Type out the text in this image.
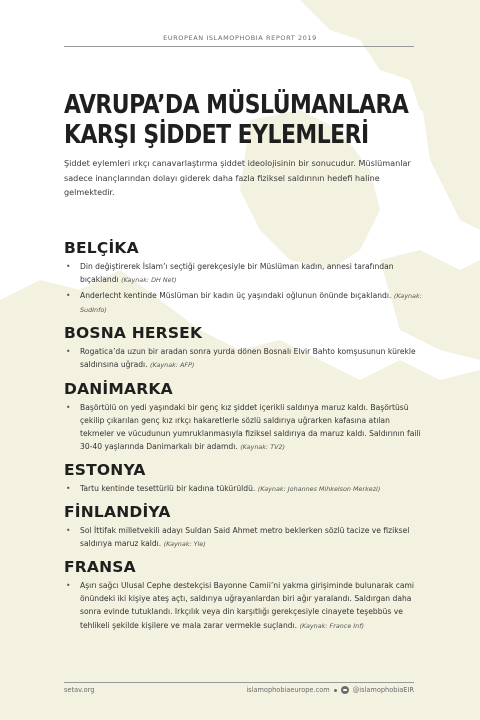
EUROPEAN ISLAMOPHOBIA REPORT 2019
AVRUPA’DA MÜSLÜMANLARA
KARŞI ŞİDDET EYLEMLERİ

Şiddet eylemleri ırkçı canavarlaştırma şiddet ideolojisinin bir sonucudur. Müslümanlar sadece inançlarından dolayı giderek daha fazla fiziksel saldırının hedefi haline gelmektedir.

BELÇİKA
• Din değiştirerek İslam’ı seçtiği gerekçesiyle bir Müslüman kadın, annesi tarafından bıçaklandı (Kaynak: DH Net)
• Anderlecht kentinde Müslüman bir kadın üç yaşındaki oğlunun önünde bıçaklandı. (Kaynak: SudInfo)
BOSNA HERSEK
• Rogatica’da uzun bir aradan sonra yurda dönen Bosnalı Elvir Bahto komşusunun kürekle saldırısına uğradı. (Kaynak: AFP)
DANİMARKA
• Başörtülü on yedi yaşındaki bir genç kız şiddet içerikli saldırıya maruz kaldı. Başörtüsü çekilip çıkarılan genç kız ırkçı hakaretlerle sözlü saldırıya uğrarken kafasına atılan tekmeler ve vücudunun yumruklanmasıyla fiziksel saldırıya da maruz kaldı. Saldırının faili 30-40 yaşlarında Danimarkalı bir adamdı. (Kaynak: TV2)
ESTONYA
• Tartu kentinde tesettürlü bir kadına tükürüldü. (Kaynak: Johannes Mihkelson Merkezi)
FİNLANDİYA
• Sol İttifak milletvekili adayı Suldan Said Ahmet metro beklerken sözlü tacize ve fiziksel saldırıya maruz kaldı. (Kaynak: Yle)
FRANSA
• Aşırı sağcı Ulusal Cephe destekçisi Bayonne Camii’ni yakma girişiminde bulunarak cami önündeki iki kişiye ateş açtı, saldırıya uğrayanlardan biri ağır yaralandı. Saldırgan daha sonra evinde tutuklandı. Irkçılık veya din karşıtlığı gerekçesiyle cinayete teşebbüs ve tehlikeli şekilde kişilere ve mala zarar vermekle suçlandı. (Kaynak: France Inf)
setav.org	islamophobiaeurope.com	@islamophobiaEIR
